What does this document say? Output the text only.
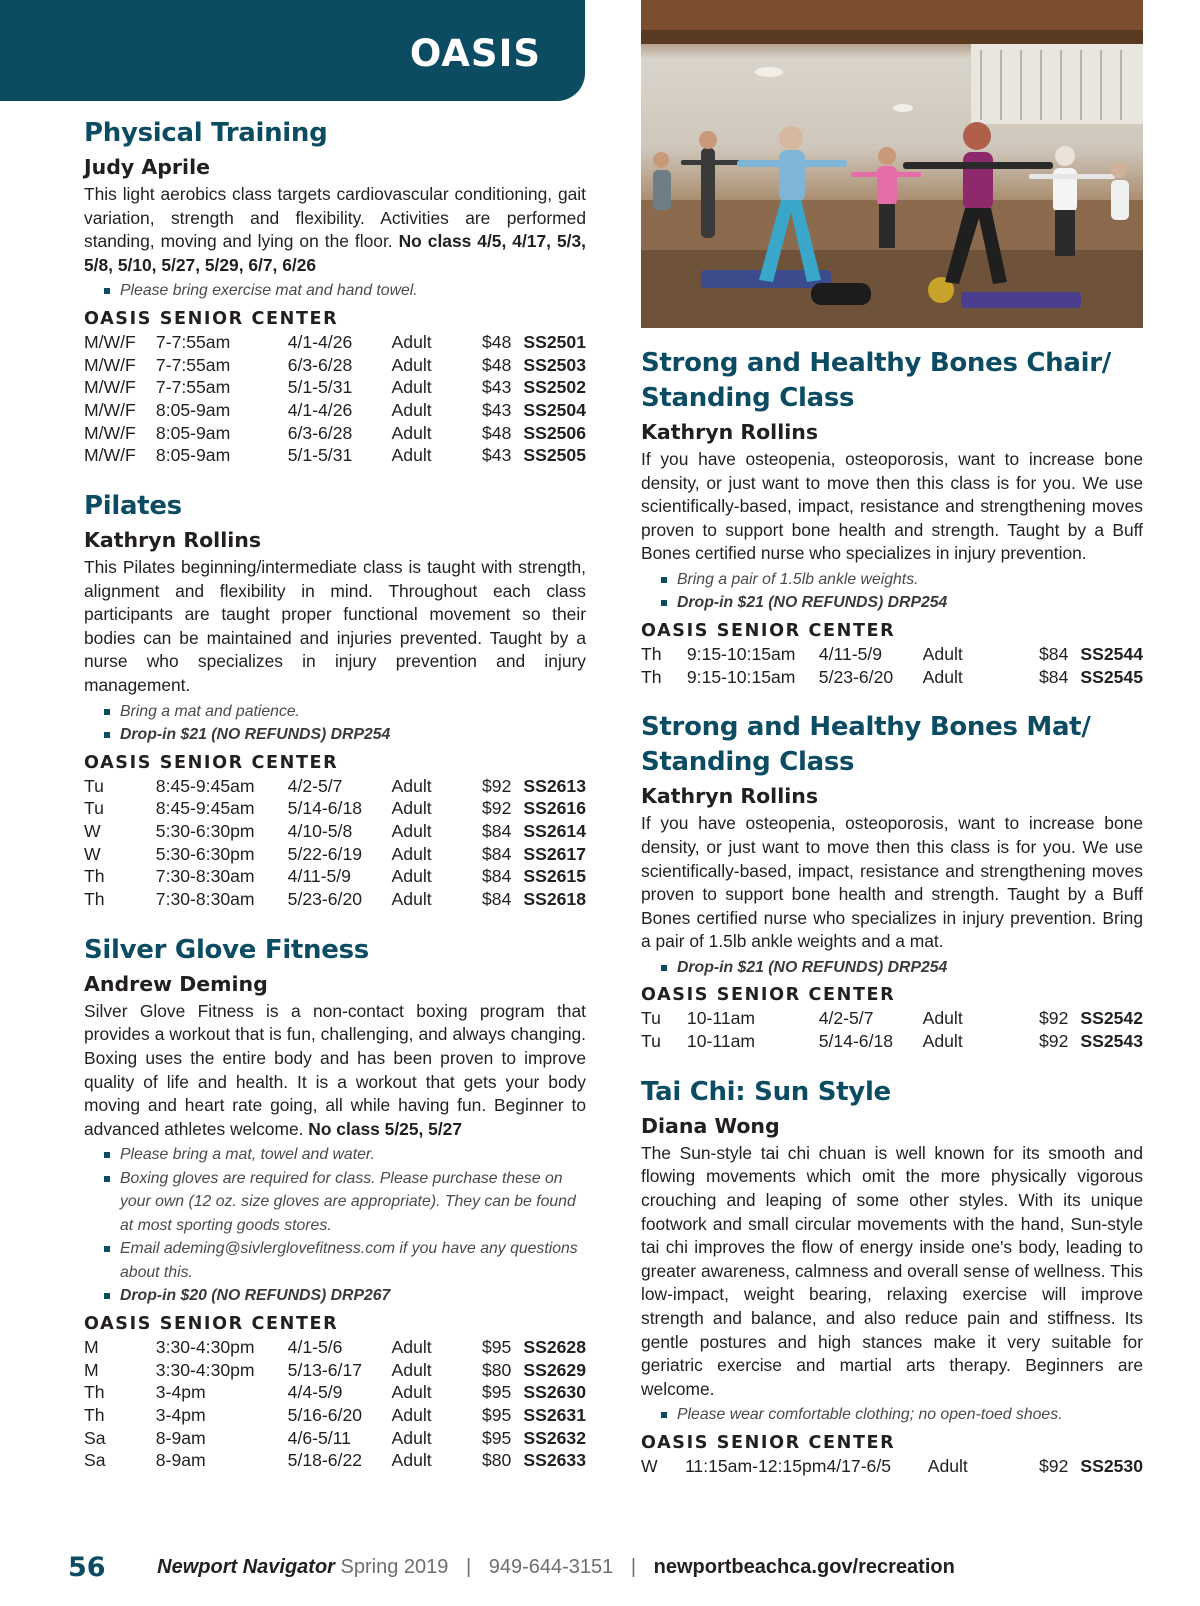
OASIS
Physical Training
Judy Aprile

This light aerobics class targets cardiovascular conditioning, gait variation, strength and flexibility. Activities are performed standing, moving and lying on the floor. No class 4/5, 4/17, 5/3, 5/8, 5/10, 5/27, 5/29, 6/7, 6/26

Please bring exercise mat and hand towel.
OASIS SENIOR CENTER
M/W/F	7-7:55am	4/1-4/26	Adult	$48	SS2501
M/W/F	7-7:55am	6/3-6/28	Adult	$48	SS2503
M/W/F	7-7:55am	5/1-5/31	Adult	$43	SS2502
M/W/F	8:05-9am	4/1-4/26	Adult	$43	SS2504
M/W/F	8:05-9am	6/3-6/28	Adult	$48	SS2506
M/W/F	8:05-9am	5/1-5/31	Adult	$43	SS2505
Pilates
Kathryn Rollins

This Pilates beginning/intermediate class is taught with strength, alignment and flexibility in mind. Throughout each class participants are taught proper functional movement so their bodies can be maintained and injuries prevented. Taught by a nurse who specializes in injury prevention and injury management.

Bring a mat and patience.
Drop-in $21 (NO REFUNDS) DRP254
OASIS SENIOR CENTER
Tu	8:45-9:45am	4/2-5/7	Adult	$92	SS2613
Tu	8:45-9:45am	5/14-6/18	Adult	$92	SS2616
W	5:30-6:30pm	4/10-5/8	Adult	$84	SS2614
W	5:30-6:30pm	5/22-6/19	Adult	$84	SS2617
Th	7:30-8:30am	4/11-5/9	Adult	$84	SS2615
Th	7:30-8:30am	5/23-6/20	Adult	$84	SS2618
Silver Glove Fitness
Andrew Deming

Silver Glove Fitness is a non-contact boxing program that provides a workout that is fun, challenging, and always changing. Boxing uses the entire body and has been proven to improve quality of life and health. It is a workout that gets your body moving and heart rate going, all while having fun. Beginner to advanced athletes welcome. No class 5/25, 5/27

Please bring a mat, towel and water.
Boxing gloves are required for class. Please purchase these on your own (12 oz. size gloves are appropriate). They can be found at most sporting goods stores.
Email ademing@sivlerglovefitness.com if you have any questions about this.
Drop-in $20 (NO REFUNDS) DRP267
OASIS SENIOR CENTER
M	3:30-4:30pm	4/1-5/6	Adult	$95	SS2628
M	3:30-4:30pm	5/13-6/17	Adult	$80	SS2629
Th	3-4pm	4/4-5/9	Adult	$95	SS2630
Th	3-4pm	5/16-6/20	Adult	$95	SS2631
Sa	8-9am	4/6-5/11	Adult	$95	SS2632
Sa	8-9am	5/18-6/22	Adult	$80	SS2633
Strong and Healthy Bones Chair/ Standing Class
Kathryn Rollins

If you have osteopenia, osteoporosis, want to increase bone density, or just want to move then this class is for you. We use scientifically-based, impact, resistance and strengthening moves proven to support bone health and strength. Taught by a Buff Bones certified nurse who specializes in injury prevention.

Bring a pair of 1.5lb ankle weights.
Drop-in $21 (NO REFUNDS) DRP254
OASIS SENIOR CENTER
Th	9:15-10:15am	4/11-5/9	Adult	$84	SS2544
Th	9:15-10:15am	5/23-6/20	Adult	$84	SS2545
Strong and Healthy Bones Mat/ Standing Class
Kathryn Rollins

If you have osteopenia, osteoporosis, want to increase bone density, or just want to move then this class is for you. We use scientifically-based, impact, resistance and strengthening moves proven to support bone health and strength. Taught by a Buff Bones certified nurse who specializes in injury prevention. Bring a pair of 1.5lb ankle weights and a mat.

Drop-in $21 (NO REFUNDS) DRP254
OASIS SENIOR CENTER
Tu	10-11am	4/2-5/7	Adult	$92	SS2542
Tu	10-11am	5/14-6/18	Adult	$92	SS2543
Tai Chi: Sun Style
Diana Wong

The Sun-style tai chi chuan is well known for its smooth and flowing movements which omit the more physically vigorous crouching and leaping of some other styles. With its unique footwork and small circular movements with the hand, Sun-style tai chi improves the flow of energy inside one's body, leading to greater awareness, calmness and overall sense of wellness. This low-impact, weight bearing, relaxing exercise will improve strength and balance, and also reduce pain and stiffness. Its gentle postures and high stances make it very suitable for geriatric exercise and martial arts therapy. Beginners are welcome.

Please wear comfortable clothing; no open-toed shoes.
OASIS SENIOR CENTER
W	11:15am-12:15pm	4/17-6/5	Adult	$92	SS2530
56	Newport Navigator Spring 2019 | 949-644-3151 | newportbeachca.gov/recreation
